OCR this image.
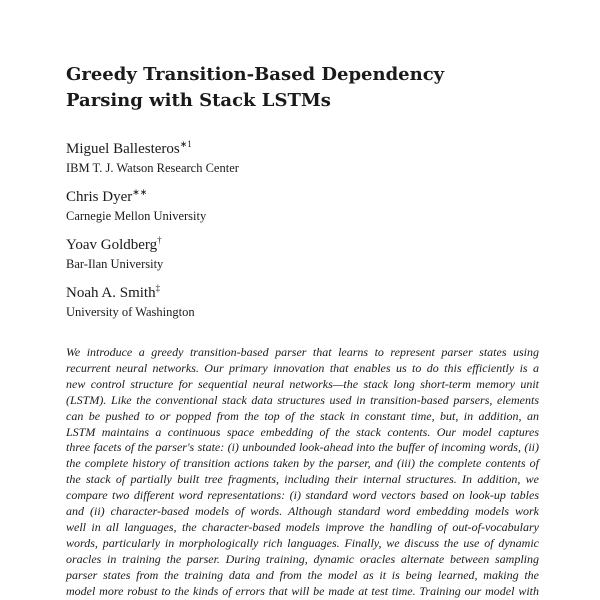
Greedy Transition-Based Dependency
Parsing with Stack LSTMs
Miguel Ballesteros$^{∗1}$
IBM T. J. Watson Research Center
Chris Dyer∗∗
Carnegie Mellon University
Yoav Goldberg†
Bar-Ilan University
Noah A. Smith‡
University of Washington
We introduce a greedy transition-based parser that learns to represent parser states using
recurrent neural networks. Our primary innovation that enables us to do this efficiently is a
new control structure for sequential neural networks—the stack long short-term memory unit
(LSTM). Like the conventional stack data structures used in transition-based parsers, elements
can be pushed to or popped from the top of the stack in constant time, but, in addition, an
LSTM maintains a continuous space embedding of the stack contents. Our model captures
three facets of the parser's state: (i) unbounded look-ahead into the buffer of incoming words, (ii)
the complete history of transition actions taken by the parser, and (iii) the complete contents of
the stack of partially built tree fragments, including their internal structures. In addition, we
compare two different word representations: (i) standard word vectors based on look-up tables
and (ii) character-based models of words. Although standard word embedding models work
well in all languages, the character-based models improve the handling of out-of-vocabulary
words, particularly in morphologically rich languages. Finally, we discuss the use of dynamic
oracles in training the parser. During training, dynamic oracles alternate between sampling
parser states from the training data and from the model as it is being learned, making the
model more robust to the kinds of errors that will be made at test time. Training our model with
